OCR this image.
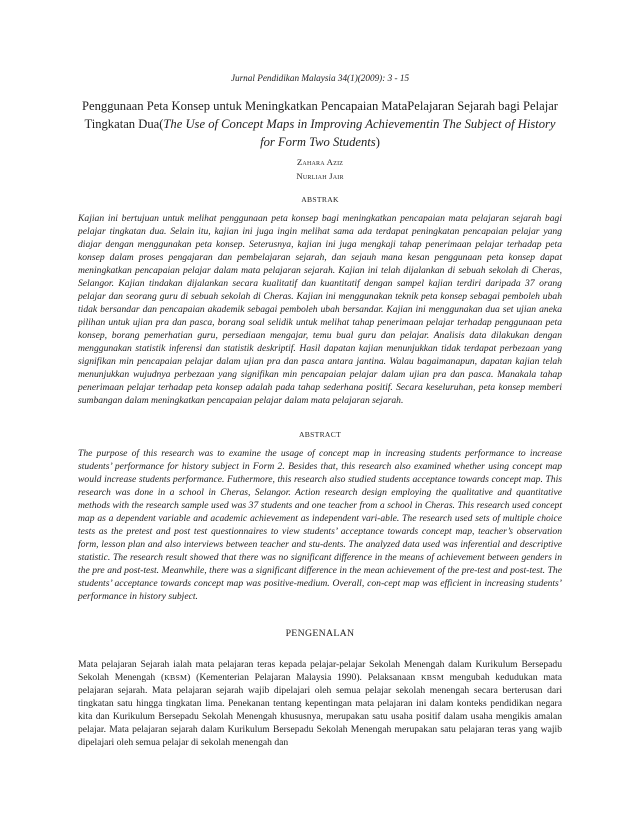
Jurnal Pendidikan Malaysia 34(1)(2009): 3 - 15
Penggunaan Peta Konsep untuk Meningkatkan Pencapaian MataPelajaran Sejarah bagi Pelajar Tingkatan Dua(The Use of Concept Maps in Improving Achievementin The Subject of History for Form Two Students)
Zahara Aziz
Nurliah Jair
ABSTRAK
Kajian ini bertujuan untuk melihat penggunaan peta konsep bagi meningkatkan pencapaian mata pelajaran sejarah bagi pelajar tingkatan dua. Selain itu, kajian ini juga ingin melihat sama ada terdapat peningkatan pencapaian pelajar yang diajar dengan menggunakan peta konsep. Seterusnya, kajian ini juga mengkaji tahap penerimaan pelajar terhadap peta konsep dalam proses pengajaran dan pembelajaran sejarah, dan sejauh mana kesan penggunaan peta konsep dapat meningkatkan pencapaian pelajar dalam mata pelajaran sejarah. Kajian ini telah dijalankan di sebuah sekolah di Cheras, Selangor. Kajian tindakan dijalankan secara kualitatif dan kuantitatif dengan sampel kajian terdiri daripada 37 orang pelajar dan seorang guru di sebuah sekolah di Cheras. Kajian ini menggunakan teknik peta konsep sebagai pemboleh ubah tidak bersandar dan pencapaian akademik sebagai pemboleh ubah bersandar. Kajian ini menggunakan dua set ujian aneka pilihan untuk ujian pra dan pasca, borang soal selidik untuk melihat tahap penerimaan pelajar terhadap penggunaan peta konsep, borang pemerhatian guru, persediaan mengajar, temu bual guru dan pelajar. Analisis data dilakukan dengan menggunakan statistik inferensi dan statistik deskriptif. Hasil dapatan kajian menunjukkan tidak terdapat perbezaan yang signifikan min pencapaian pelajar dalam ujian pra dan pasca antara jantina. Walau bagaimanapun, dapatan kajian telah menunjukkan wujudnya perbezaan yang signifikan min pencapaian pelajar dalam ujian pra dan pasca. Manakala tahap penerimaan pelajar terhadap peta konsep adalah pada tahap sederhana positif. Secara keseluruhan, peta konsep memberi sumbangan dalam meningkatkan pencapaian pelajar dalam mata pelajaran sejarah.
ABSTRACT
The purpose of this research was to examine the usage of concept map in increasing students performance to increase students’ performance for history subject in Form 2. Besides that, this research also examined whether using concept map would increase students performance. Futhermore, this research also studied students acceptance towards concept map. This research was done in a school in Cheras, Selangor. Action research design employing the qualitative and quantitative methods with the research sample used was 37 students and one teacher from a school in Cheras. This research used concept map as a dependent variable and academic achievement as independent vari-able. The research used sets of multiple choice tests as the pretest and post test questionnaires to view students’ acceptance towards concept map, teacher’s observation form, lesson plan and also interviews between teacher and stu-dents. The analyzed data used was inferential and descriptive statistic. The research result showed that there was no significant difference in the means of achievement between genders in the pre and post-test. Meanwhile, there was a significant difference in the mean achievement of the pre-test and post-test. The students’ acceptance towards concept map was positive-medium. Overall, con-cept map was efficient in increasing students’ performance in history subject.
PENGENALAN
Mata pelajaran Sejarah ialah mata pelajaran teras kepada pelajar-pelajar Sekolah Menengah dalam Kurikulum Bersepadu Sekolah Menengah (KBSM) (Kementerian Pelajaran Malaysia 1990). Pelaksanaan KBSM mengubah kedudukan mata pelajaran sejarah. Mata pelajaran sejarah wajib dipelajari oleh semua pelajar sekolah menengah secara berterusan dari tingkatan satu hingga tingkatan lima. Penekanan tentang kepentingan mata pelajaran ini dalam konteks pendidikan negara kita dan Kurikulum Bersepadu Sekolah Menengah khususnya, merupakan satu usaha positif dalam usaha mengikis amalan pelajar. Mata pelajaran sejarah dalam Kurikulum Bersepadu Sekolah Menengah merupakan satu pelajaran teras yang wajib dipelajari oleh semua pelajar di sekolah menengah dan
